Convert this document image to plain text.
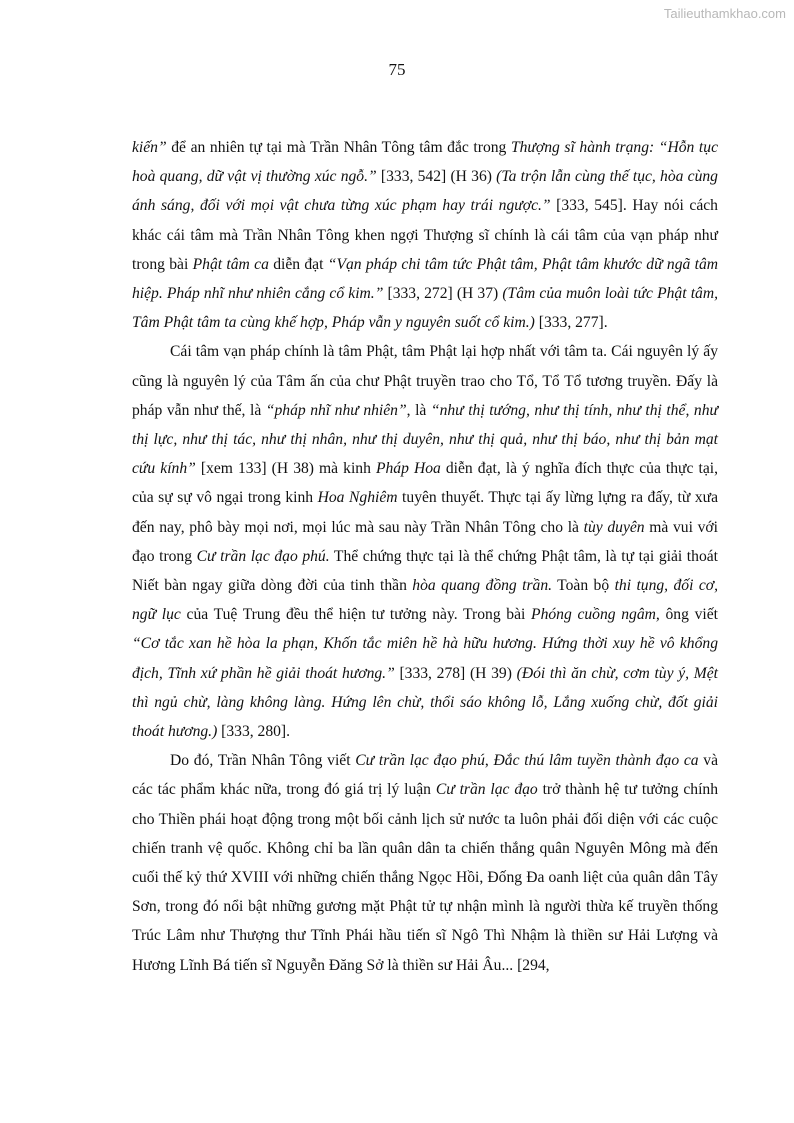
Tailieuthamkhao.com
75

kiến” để an nhiên tự tại mà Trần Nhân Tông tâm đắc trong Thượng sĩ hành trạng: “Hỗn tục hoà quang, dữ vật vị thường xúc ngỗ.” [333, 542] (H 36) (Ta trộn lẫn cùng thế tục, hòa cùng ánh sáng, đối với mọi vật chưa từng xúc phạm hay trái ngược.” [333, 545]. Hay nói cách khác cái tâm mà Trần Nhân Tông khen ngợi Thượng sĩ chính là cái tâm của vạn pháp như trong bài Phật tâm ca diễn đạt “Vạn pháp chi tâm tức Phật tâm, Phật tâm khước dữ ngã tâm hiệp. Pháp nhĩ như nhiên cắng cổ kim.” [333, 272] (H 37) (Tâm của muôn loài tức Phật tâm, Tâm Phật tâm ta cùng khế hợp, Pháp vẫn y nguyên suốt cổ kim.) [333, 277].

Cái tâm vạn pháp chính là tâm Phật, tâm Phật lại hợp nhất với tâm ta. Cái nguyên lý ấy cũng là nguyên lý của Tâm ấn của chư Phật truyền trao cho Tổ, Tổ Tổ tương truyền. Đấy là pháp vẫn như thế, là “pháp nhĩ như nhiên”, là “như thị tướng, như thị tính, như thị thể, như thị lực, như thị tác, như thị nhân, như thị duyên, như thị quả, như thị báo, như thị bản mạt cứu kính” [xem 133] (H 38) mà kinh Pháp Hoa diễn đạt, là ý nghĩa đích thực của thực tại, của sự sự vô ngại trong kinh Hoa Nghiêm tuyên thuyết. Thực tại ấy lừng lựng ra đấy, từ xưa đến nay, phô bày mọi nơi, mọi lúc mà sau này Trần Nhân Tông cho là tùy duyên mà vui với đạo trong Cư trần lạc đạo phú. Thể chứng thực tại là thể chứng Phật tâm, là tự tại giải thoát Niết bàn ngay giữa dòng đời của tinh thần hòa quang đồng trần. Toàn bộ thi tụng, đối cơ, ngữ lục của Tuệ Trung đều thể hiện tư tưởng này. Trong bài Phóng cuồng ngâm, ông viết “Cơ tắc xan hề hòa la phạn, Khốn tắc miên hề hà hữu hương. Hứng thời xuy hề vô khổng địch, Tĩnh xứ phần hề giải thoát hương.” [333, 278] (H 39) (Đói thì ăn chừ, cơm tùy ý, Mệt thì ngủ chừ, làng không làng. Hứng lên chừ, thổi sáo không lỗ, Lắng xuống chừ, đốt giải thoát hương.) [333, 280].

Do đó, Trần Nhân Tông viết Cư trần lạc đạo phú, Đắc thú lâm tuyền thành đạo ca và các tác phẩm khác nữa, trong đó giá trị lý luận Cư trần lạc đạo trở thành hệ tư tưởng chính cho Thiền phái hoạt động trong một bối cảnh lịch sử nước ta luôn phải đối diện với các cuộc chiến tranh vệ quốc. Không chỉ ba lần quân dân ta chiến thắng quân Nguyên Mông mà đến cuối thế kỷ thứ XVIII với những chiến thắng Ngọc Hồi, Đống Đa oanh liệt của quân dân Tây Sơn, trong đó nổi bật những gương mặt Phật tử tự nhận mình là người thừa kế truyền thống Trúc Lâm như Thượng thư Tĩnh Phái hầu tiến sĩ Ngô Thì Nhậm là thiền sư Hải Lượng và Hương Lĩnh Bá tiến sĩ Nguyễn Đăng Sở là thiền sư Hải Âu... [294,
